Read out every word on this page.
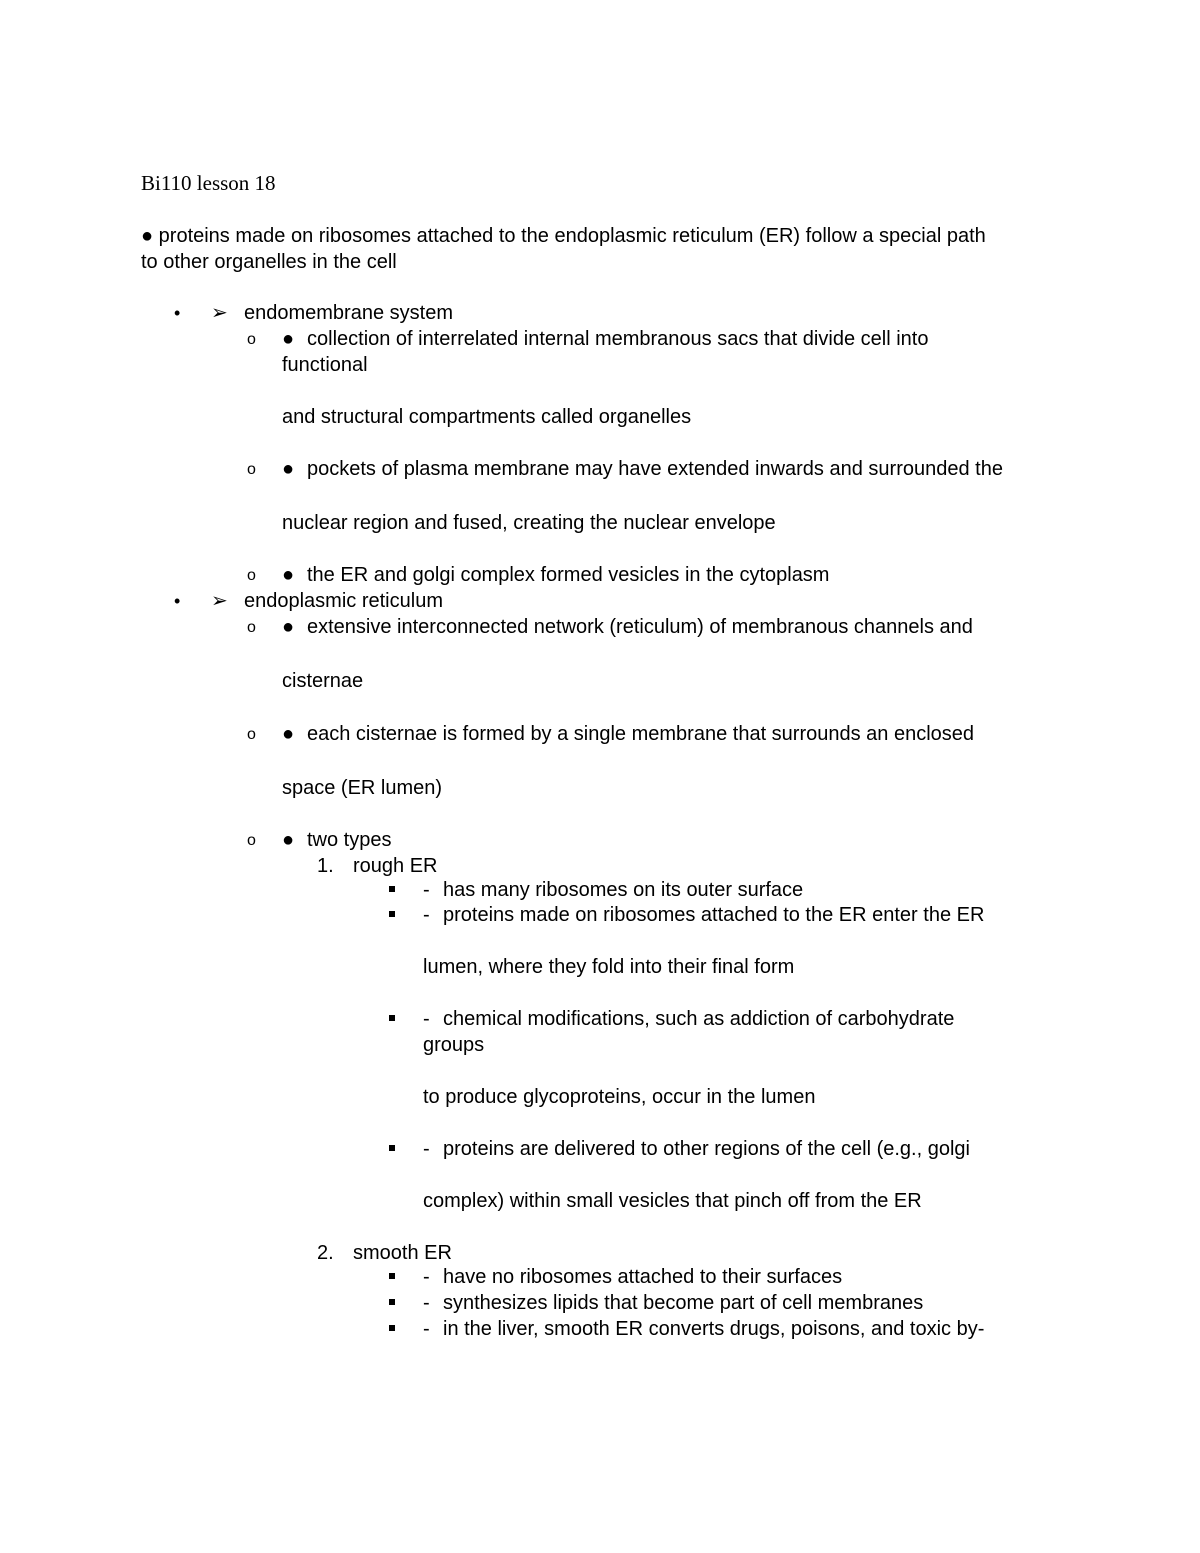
Bi110 lesson 18
● proteins made on ribosomes attached to the endoplasmic reticulum (ER) follow a special path
to other organelles in the cell
• ➢ endomembrane system
o ● collection of interrelated internal membranous sacs that divide cell into
functional
and structural compartments called organelles
o ● pockets of plasma membrane may have extended inwards and surrounded the
nuclear region and fused, creating the nuclear envelope
o ● the ER and golgi complex formed vesicles in the cytoplasm
• ➢ endoplasmic reticulum
o ● extensive interconnected network (reticulum) of membranous channels and
cisternae
o ● each cisternae is formed by a single membrane that surrounds an enclosed
space (ER lumen)
o ● two types
1. rough ER
- has many ribosomes on its outer surface
- proteins made on ribosomes attached to the ER enter the ER
lumen, where they fold into their final form
- chemical modifications, such as addiction of carbohydrate
groups
to produce glycoproteins, occur in the lumen
- proteins are delivered to other regions of the cell (e.g., golgi
complex) within small vesicles that pinch off from the ER
2. smooth ER
- have no ribosomes attached to their surfaces
- synthesizes lipids that become part of cell membranes
- in the liver, smooth ER converts drugs, poisons, and toxic by-
